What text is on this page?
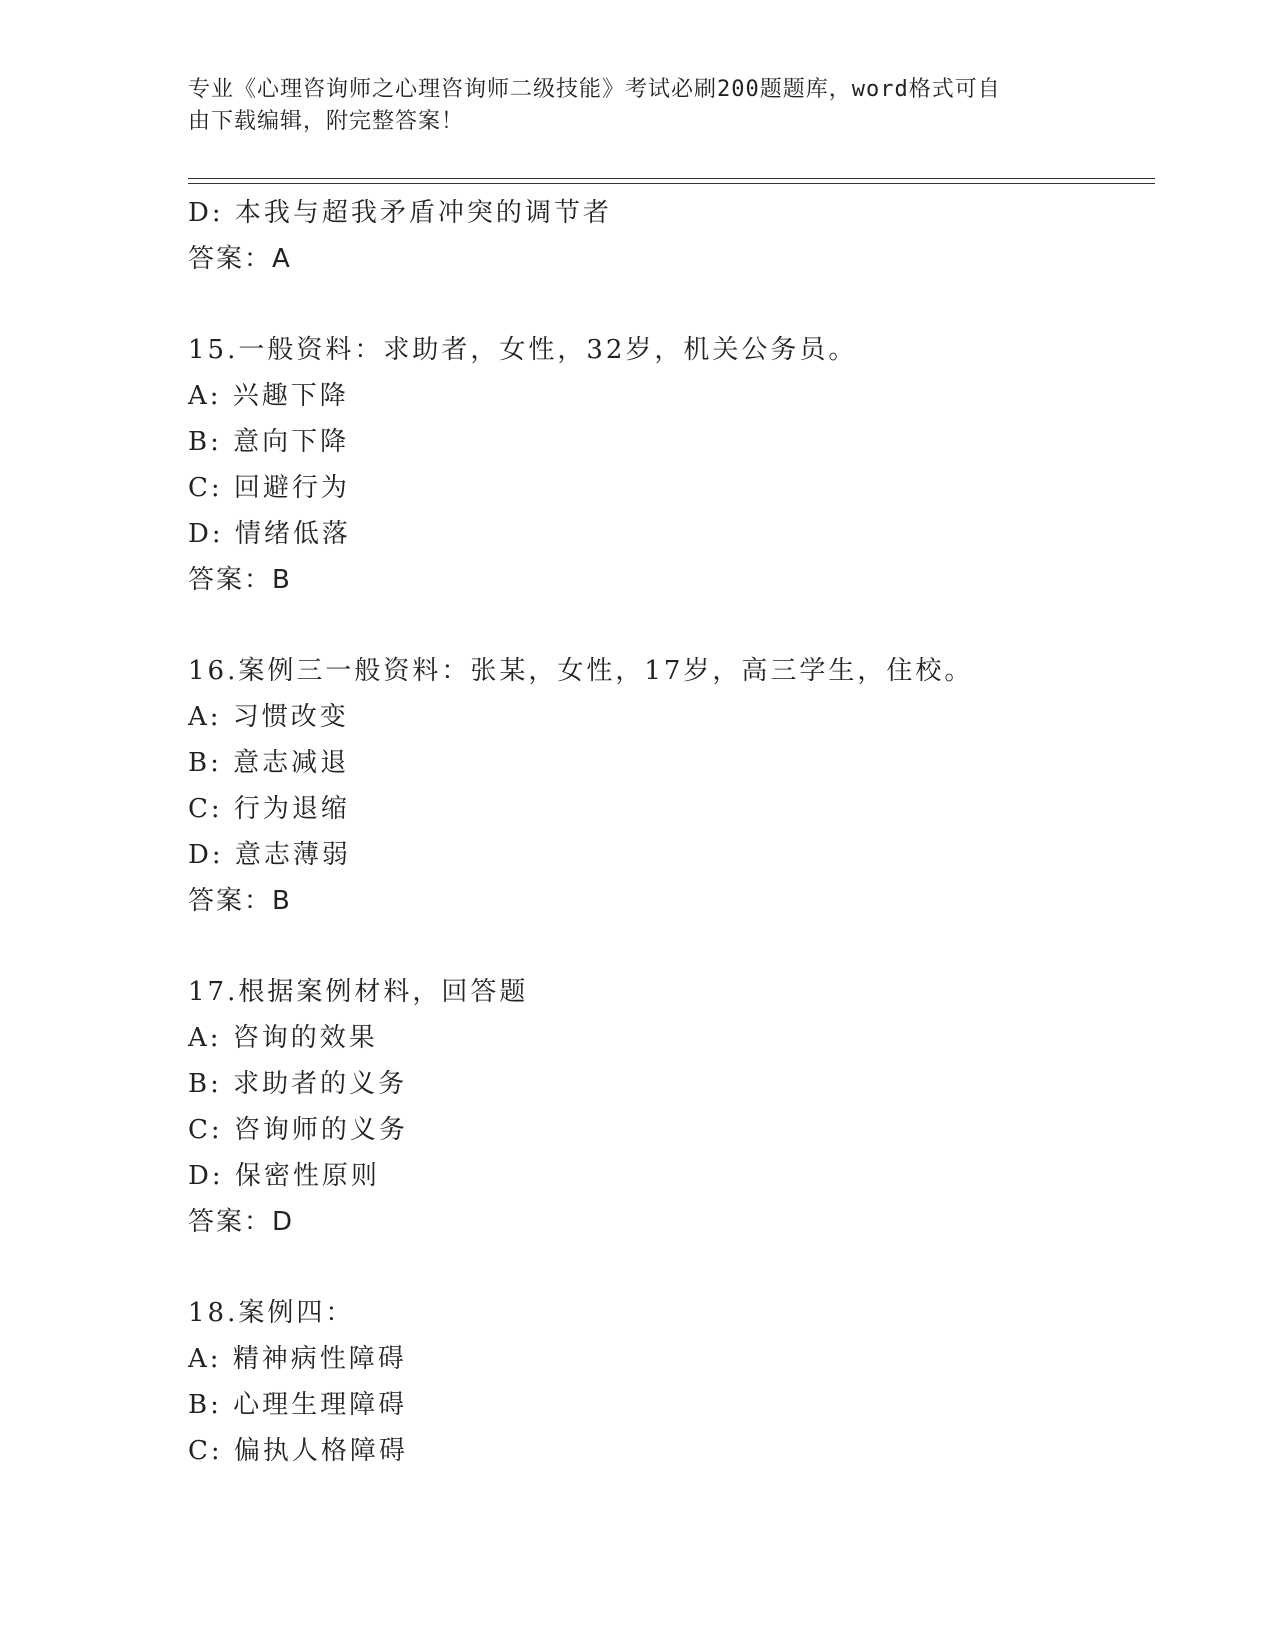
专业《心理咨询师之心理咨询师二级技能》考试必刷200题题库，word格式可自
由下载编辑，附完整答案！
D: 本我与超我矛盾冲突的调节者
答案：A
15.一般资料：求助者，女性，32岁，机关公务员。
A: 兴趣下降
B: 意向下降
C: 回避行为
D: 情绪低落
答案：B
16.案例三一般资料：张某，女性，17岁，高三学生，住校。
A: 习惯改变
B: 意志减退
C: 行为退缩
D: 意志薄弱
答案：B
17.根据案例材料，回答题
A: 咨询的效果
B: 求助者的义务
C: 咨询师的义务
D: 保密性原则
答案：D
18.案例四：
A: 精神病性障碍
B: 心理生理障碍
C: 偏执人格障碍
